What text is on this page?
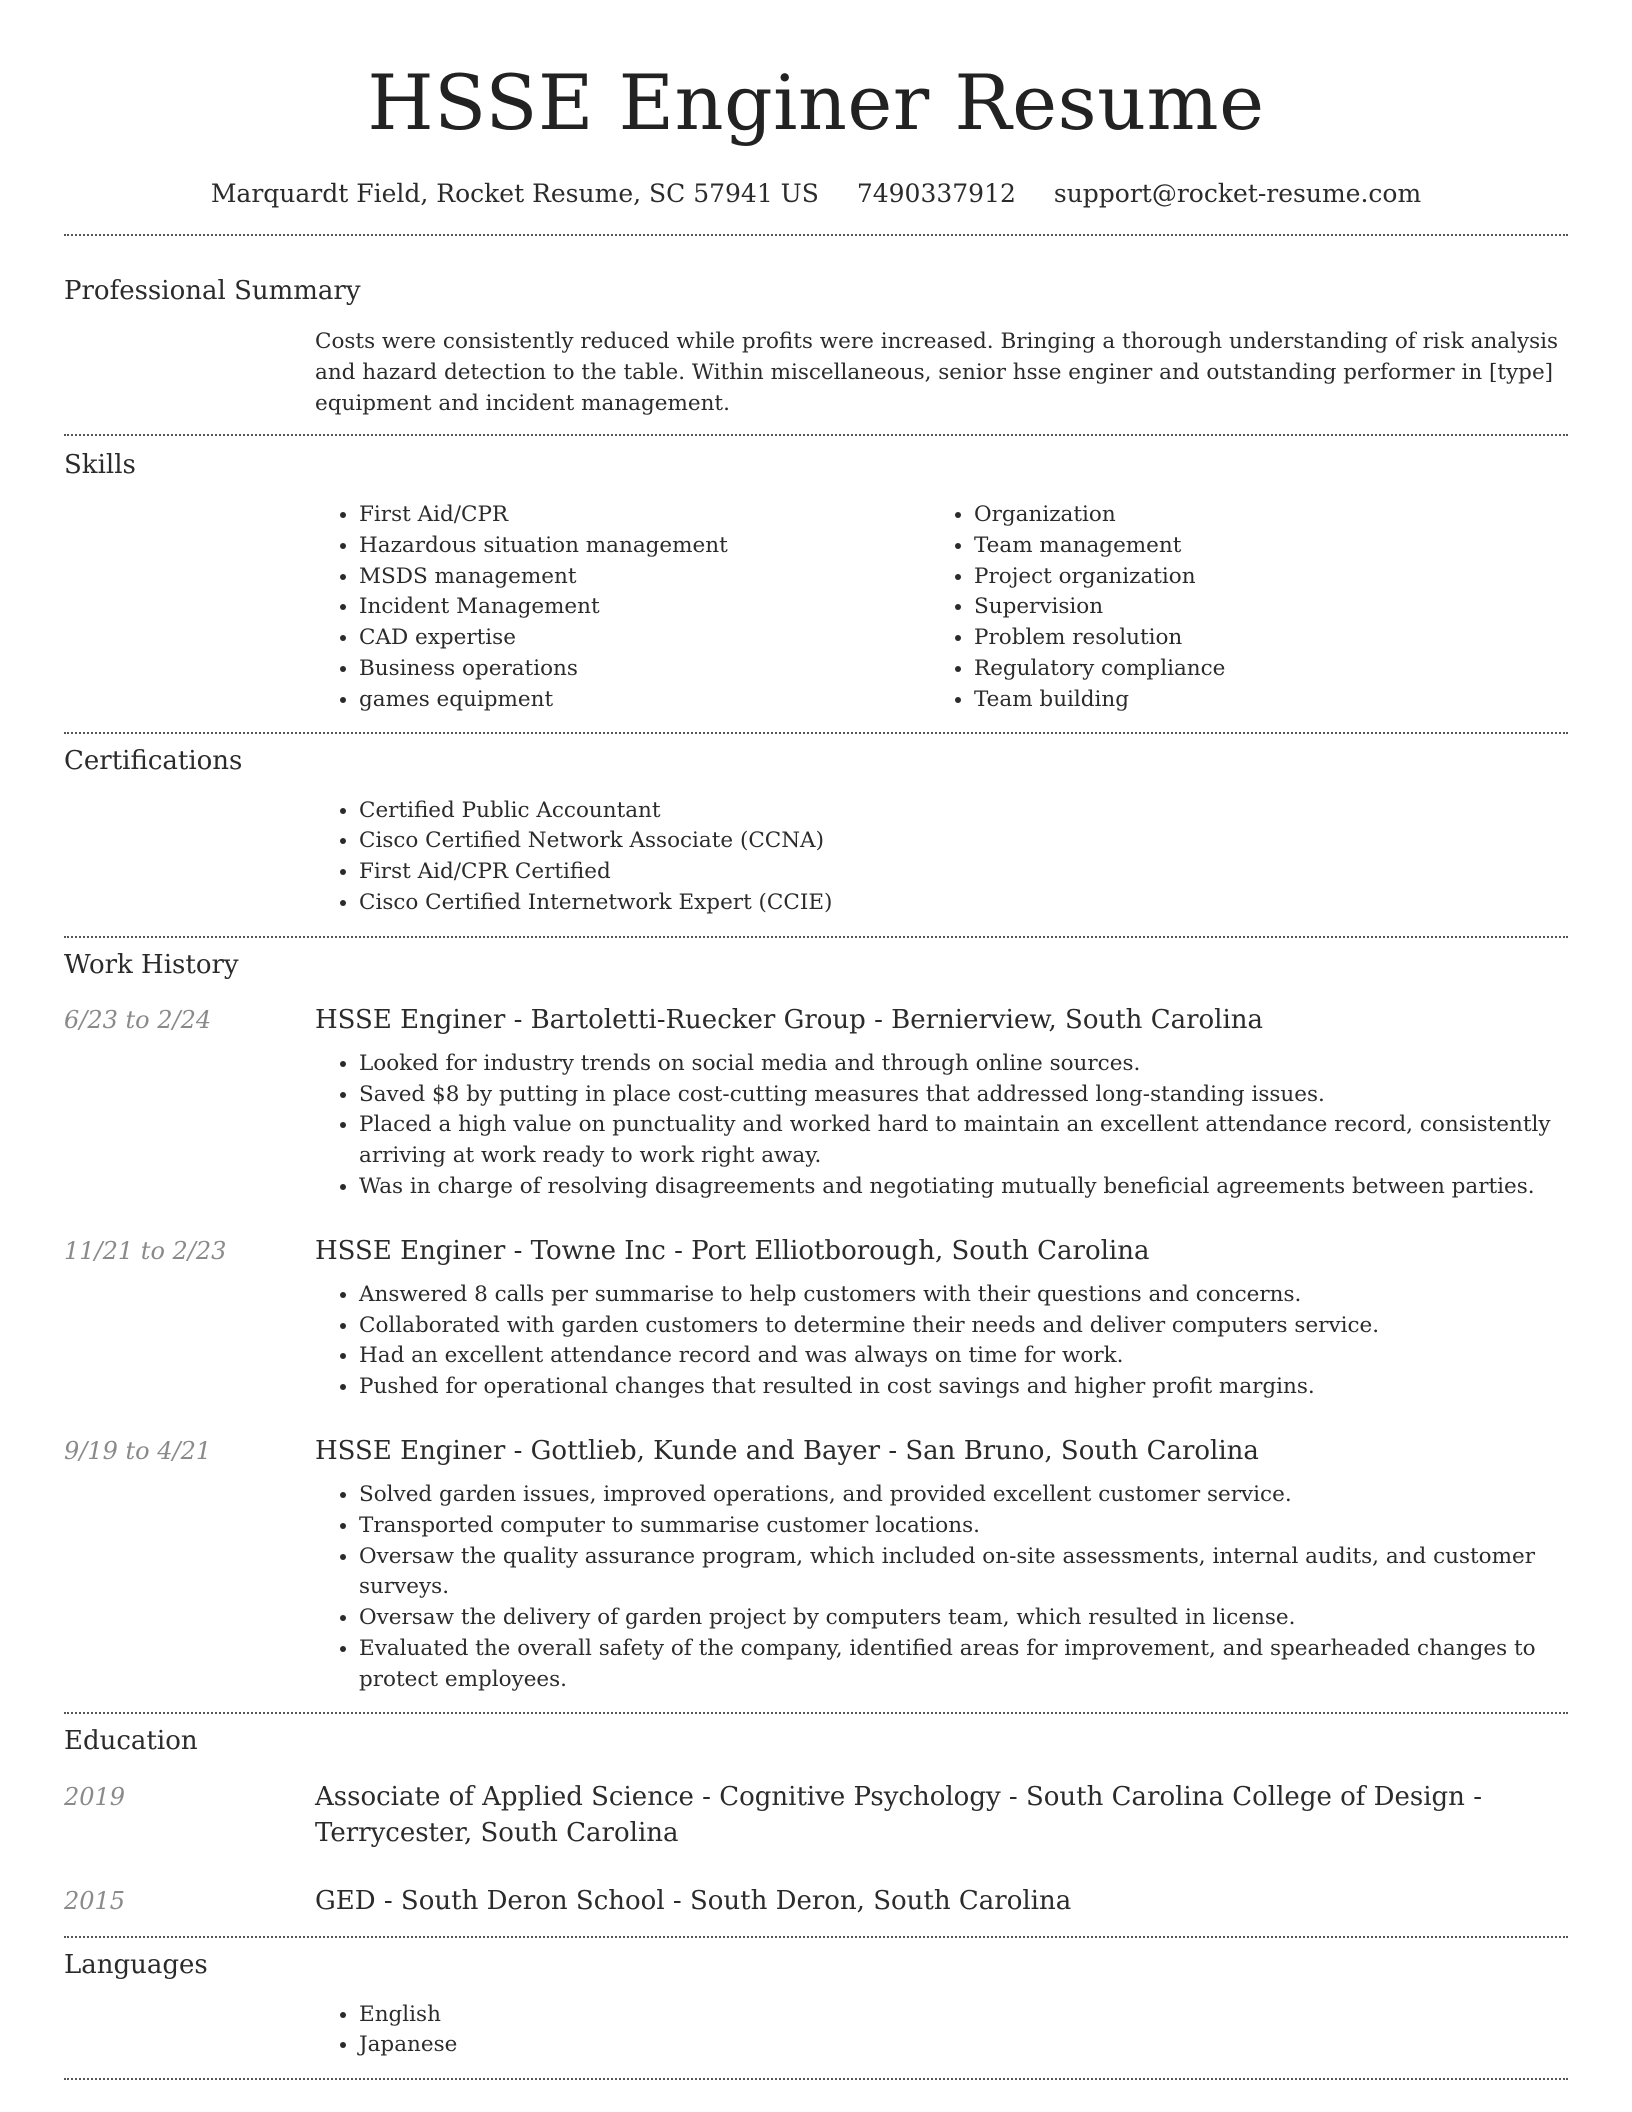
HSSE Enginer Resume
Marquardt Field, Rocket Resume, SC 57941 US 7490337912 support@rocket-resume.com
Professional Summary
Costs were consistently reduced while profits were increased. Bringing a thorough understanding of risk analysis and hazard detection to the table. Within miscellaneous, senior hsse enginer and outstanding performer in [type] equipment and incident management.
Skills
• First Aid/CPR
• Hazardous situation management
• MSDS management
• Incident Management
• CAD expertise
• Business operations
• games equipment
• Organization
• Team management
• Project organization
• Supervision
• Problem resolution
• Regulatory compliance
• Team building
Certifications
• Certified Public Accountant
• Cisco Certified Network Associate (CCNA)
• First Aid/CPR Certified
• Cisco Certified Internetwork Expert (CCIE)
Work History
6/23 to 2/24	HSSE Enginer - Bartoletti-Ruecker Group - Bernierview, South Carolina
• Looked for industry trends on social media and through online sources.
• Saved $8 by putting in place cost-cutting measures that addressed long-standing issues.
• Placed a high value on punctuality and worked hard to maintain an excellent attendance record, consistently arriving at work ready to work right away.
• Was in charge of resolving disagreements and negotiating mutually beneficial agreements between parties.
11/21 to 2/23	HSSE Enginer - Towne Inc - Port Elliotborough, South Carolina
• Answered 8 calls per summarise to help customers with their questions and concerns.
• Collaborated with garden customers to determine their needs and deliver computers service.
• Had an excellent attendance record and was always on time for work.
• Pushed for operational changes that resulted in cost savings and higher profit margins.
9/19 to 4/21	HSSE Enginer - Gottlieb, Kunde and Bayer - San Bruno, South Carolina
• Solved garden issues, improved operations, and provided excellent customer service.
• Transported computer to summarise customer locations.
• Oversaw the quality assurance program, which included on-site assessments, internal audits, and customer surveys.
• Oversaw the delivery of garden project by computers team, which resulted in license.
• Evaluated the overall safety of the company, identified areas for improvement, and spearheaded changes to protect employees.
Education
2019	Associate of Applied Science - Cognitive Psychology - South Carolina College of Design - Terrycester, South Carolina
2015	GED - South Deron School - South Deron, South Carolina
Languages
• English
• Japanese
